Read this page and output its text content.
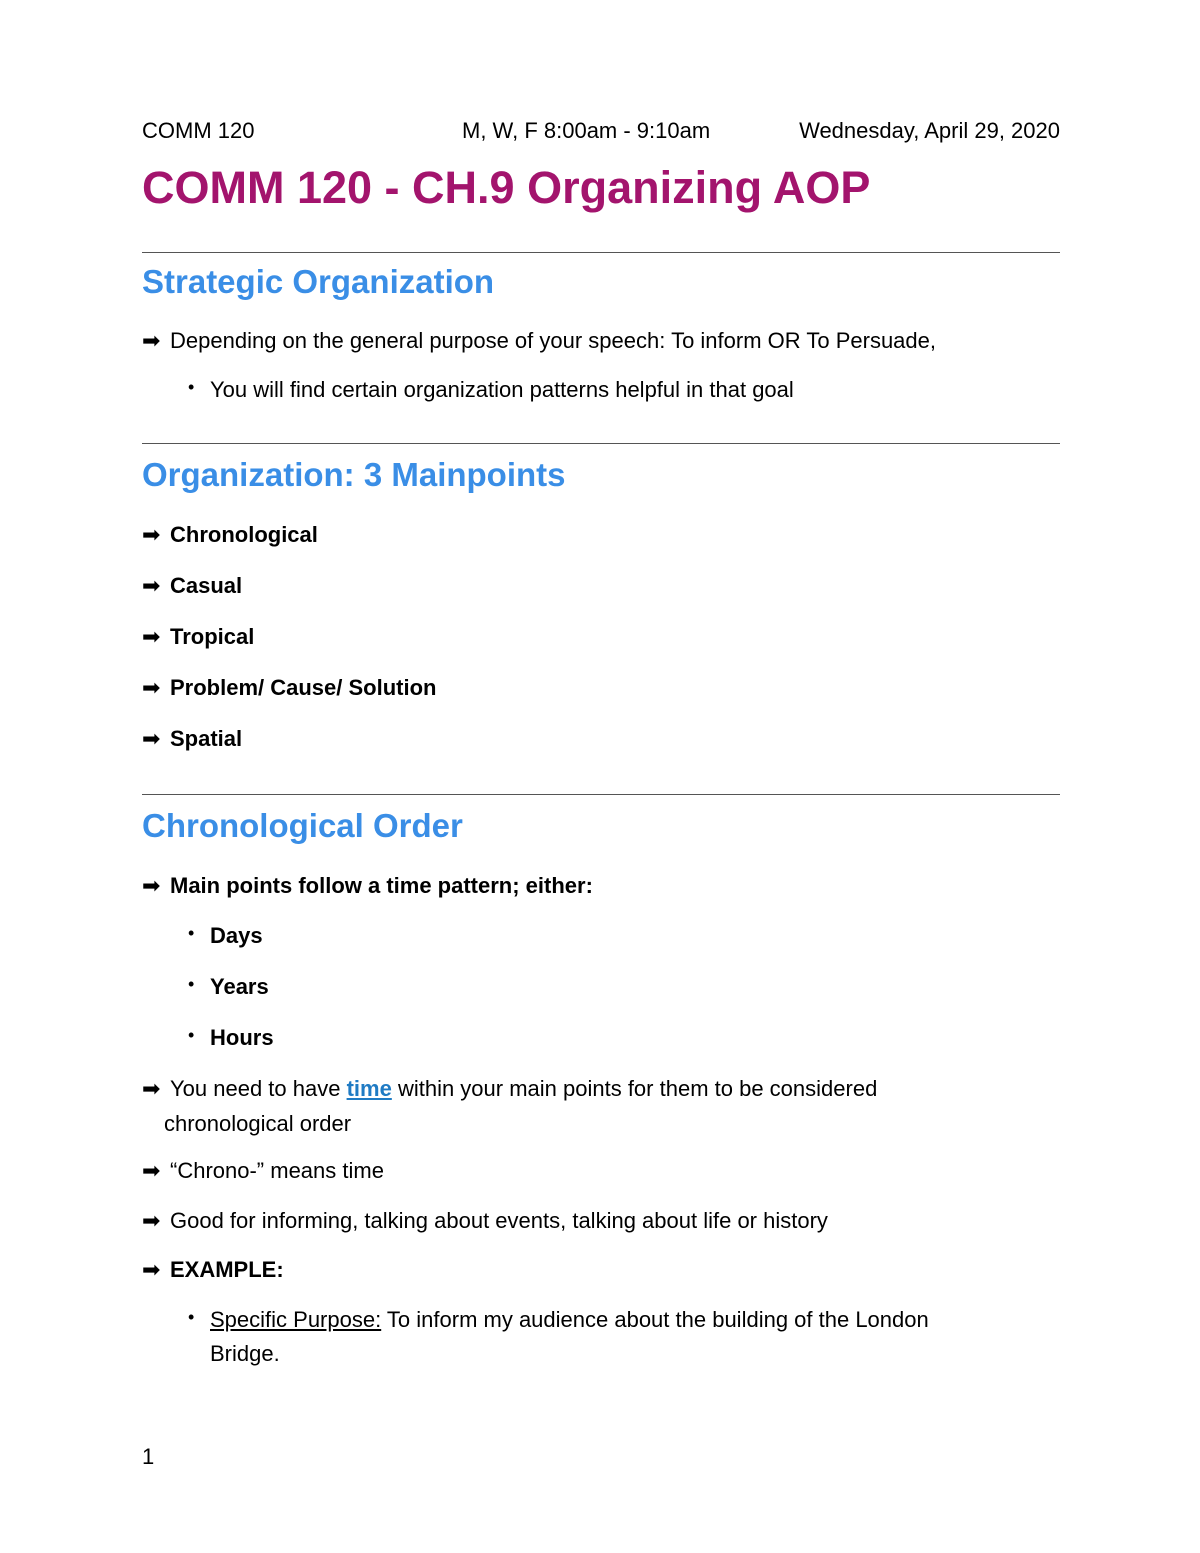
COMM 120	M, W, F 8:00am - 9:10am	Wednesday, April 29, 2020
COMM 120 - CH.9 Organizing AOP
Strategic Organization
➡ Depending on the general purpose of your speech: To inform OR To Persuade,
• You will find certain organization patterns helpful in that goal
Organization: 3 Mainpoints
➡ Chronological
➡ Casual
➡ Tropical
➡ Problem/ Cause/ Solution
➡ Spatial
Chronological Order
➡ Main points follow a time pattern; either:
• Days
• Years
• Hours
➡ You need to have time within your main points for them to be considered
chronological order
➡ “Chrono-” means time
➡ Good for informing, talking about events, talking about life or history
➡ EXAMPLE:
• Specific Purpose: To inform my audience about the building of the London
Bridge.
1
